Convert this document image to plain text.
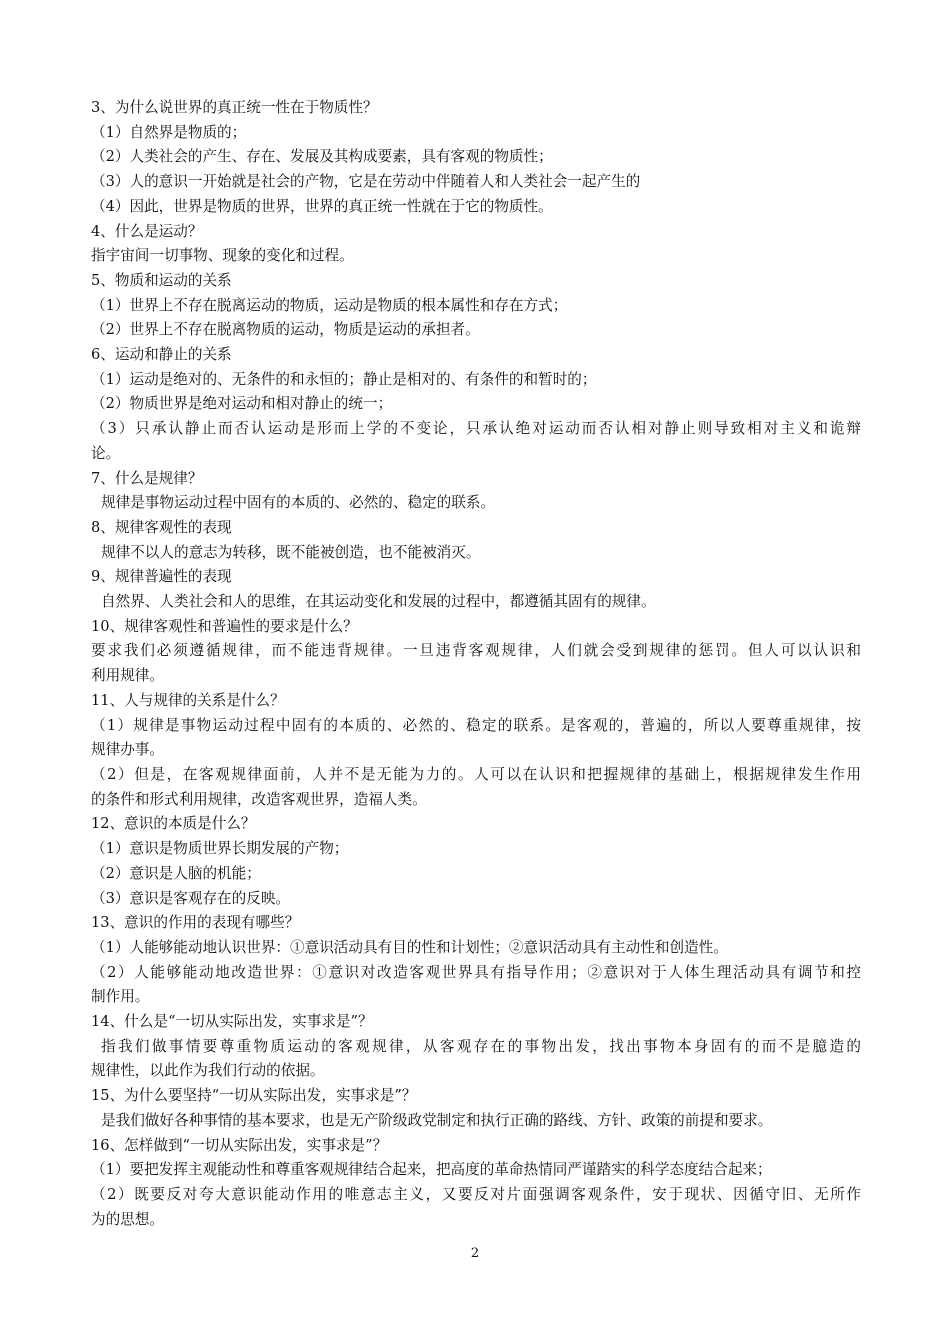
3、为什么说世界的真正统一性在于物质性？
（1）自然界是物质的；
（2）人类社会的产生、存在、发展及其构成要素，具有客观的物质性；
（3）人的意识一开始就是社会的产物，它是在劳动中伴随着人和人类社会一起产生的
（4）因此，世界是物质的世界，世界的真正统一性就在于它的物质性。
4、什么是运动？
指宇宙间一切事物、现象的变化和过程。
5、物质和运动的关系
（1）世界上不存在脱离运动的物质，运动是物质的根本属性和存在方式；
（2）世界上不存在脱离物质的运动，物质是运动的承担者。
6、运动和静止的关系
（1）运动是绝对的、无条件的和永恒的；静止是相对的、有条件的和暂时的；
（2）物质世界是绝对运动和相对静止的统一；
（3）只承认静止而否认运动是形而上学的不变论，只承认绝对运动而否认相对静止则导致相对主义和诡辩
论。
7、什么是规律？
规律是事物运动过程中固有的本质的、必然的、稳定的联系。
8、规律客观性的表现
规律不以人的意志为转移，既不能被创造，也不能被消灭。
9、规律普遍性的表现
自然界、人类社会和人的思维，在其运动变化和发展的过程中，都遵循其固有的规律。
10、规律客观性和普遍性的要求是什么？
要求我们必须遵循规律，而不能违背规律。一旦违背客观规律，人们就会受到规律的惩罚。但人可以认识和
利用规律。
11、人与规律的关系是什么？
（1）规律是事物运动过程中固有的本质的、必然的、稳定的联系。是客观的，普遍的，所以人要尊重规律，按
规律办事。
（2）但是，在客观规律面前，人并不是无能为力的。人可以在认识和把握规律的基础上，根据规律发生作用
的条件和形式利用规律，改造客观世界，造福人类。
12、意识的本质是什么？
（1）意识是物质世界长期发展的产物；
（2）意识是人脑的机能；
（3）意识是客观存在的反映。
13、意识的作用的表现有哪些？
（1）人能够能动地认识世界：①意识活动具有目的性和计划性；②意识活动具有主动性和创造性。
（2）人能够能动地改造世界：①意识对改造客观世界具有指导作用；②意识对于人体生理活动具有调节和控
制作用。
14、什么是“一切从实际出发，实事求是”？
指我们做事情要尊重物质运动的客观规律，从客观存在的事物出发，找出事物本身固有的而不是臆造的
规律性，以此作为我们行动的依据。
15、为什么要坚持“一切从实际出发，实事求是”？
是我们做好各种事情的基本要求，也是无产阶级政党制定和执行正确的路线、方针、政策的前提和要求。
16、怎样做到“一切从实际出发，实事求是”？
（1）要把发挥主观能动性和尊重客观规律结合起来，把高度的革命热情同严谨踏实的科学态度结合起来；
（2）既要反对夸大意识能动作用的唯意志主义，又要反对片面强调客观条件，安于现状、因循守旧、无所作
为的思想。
2
